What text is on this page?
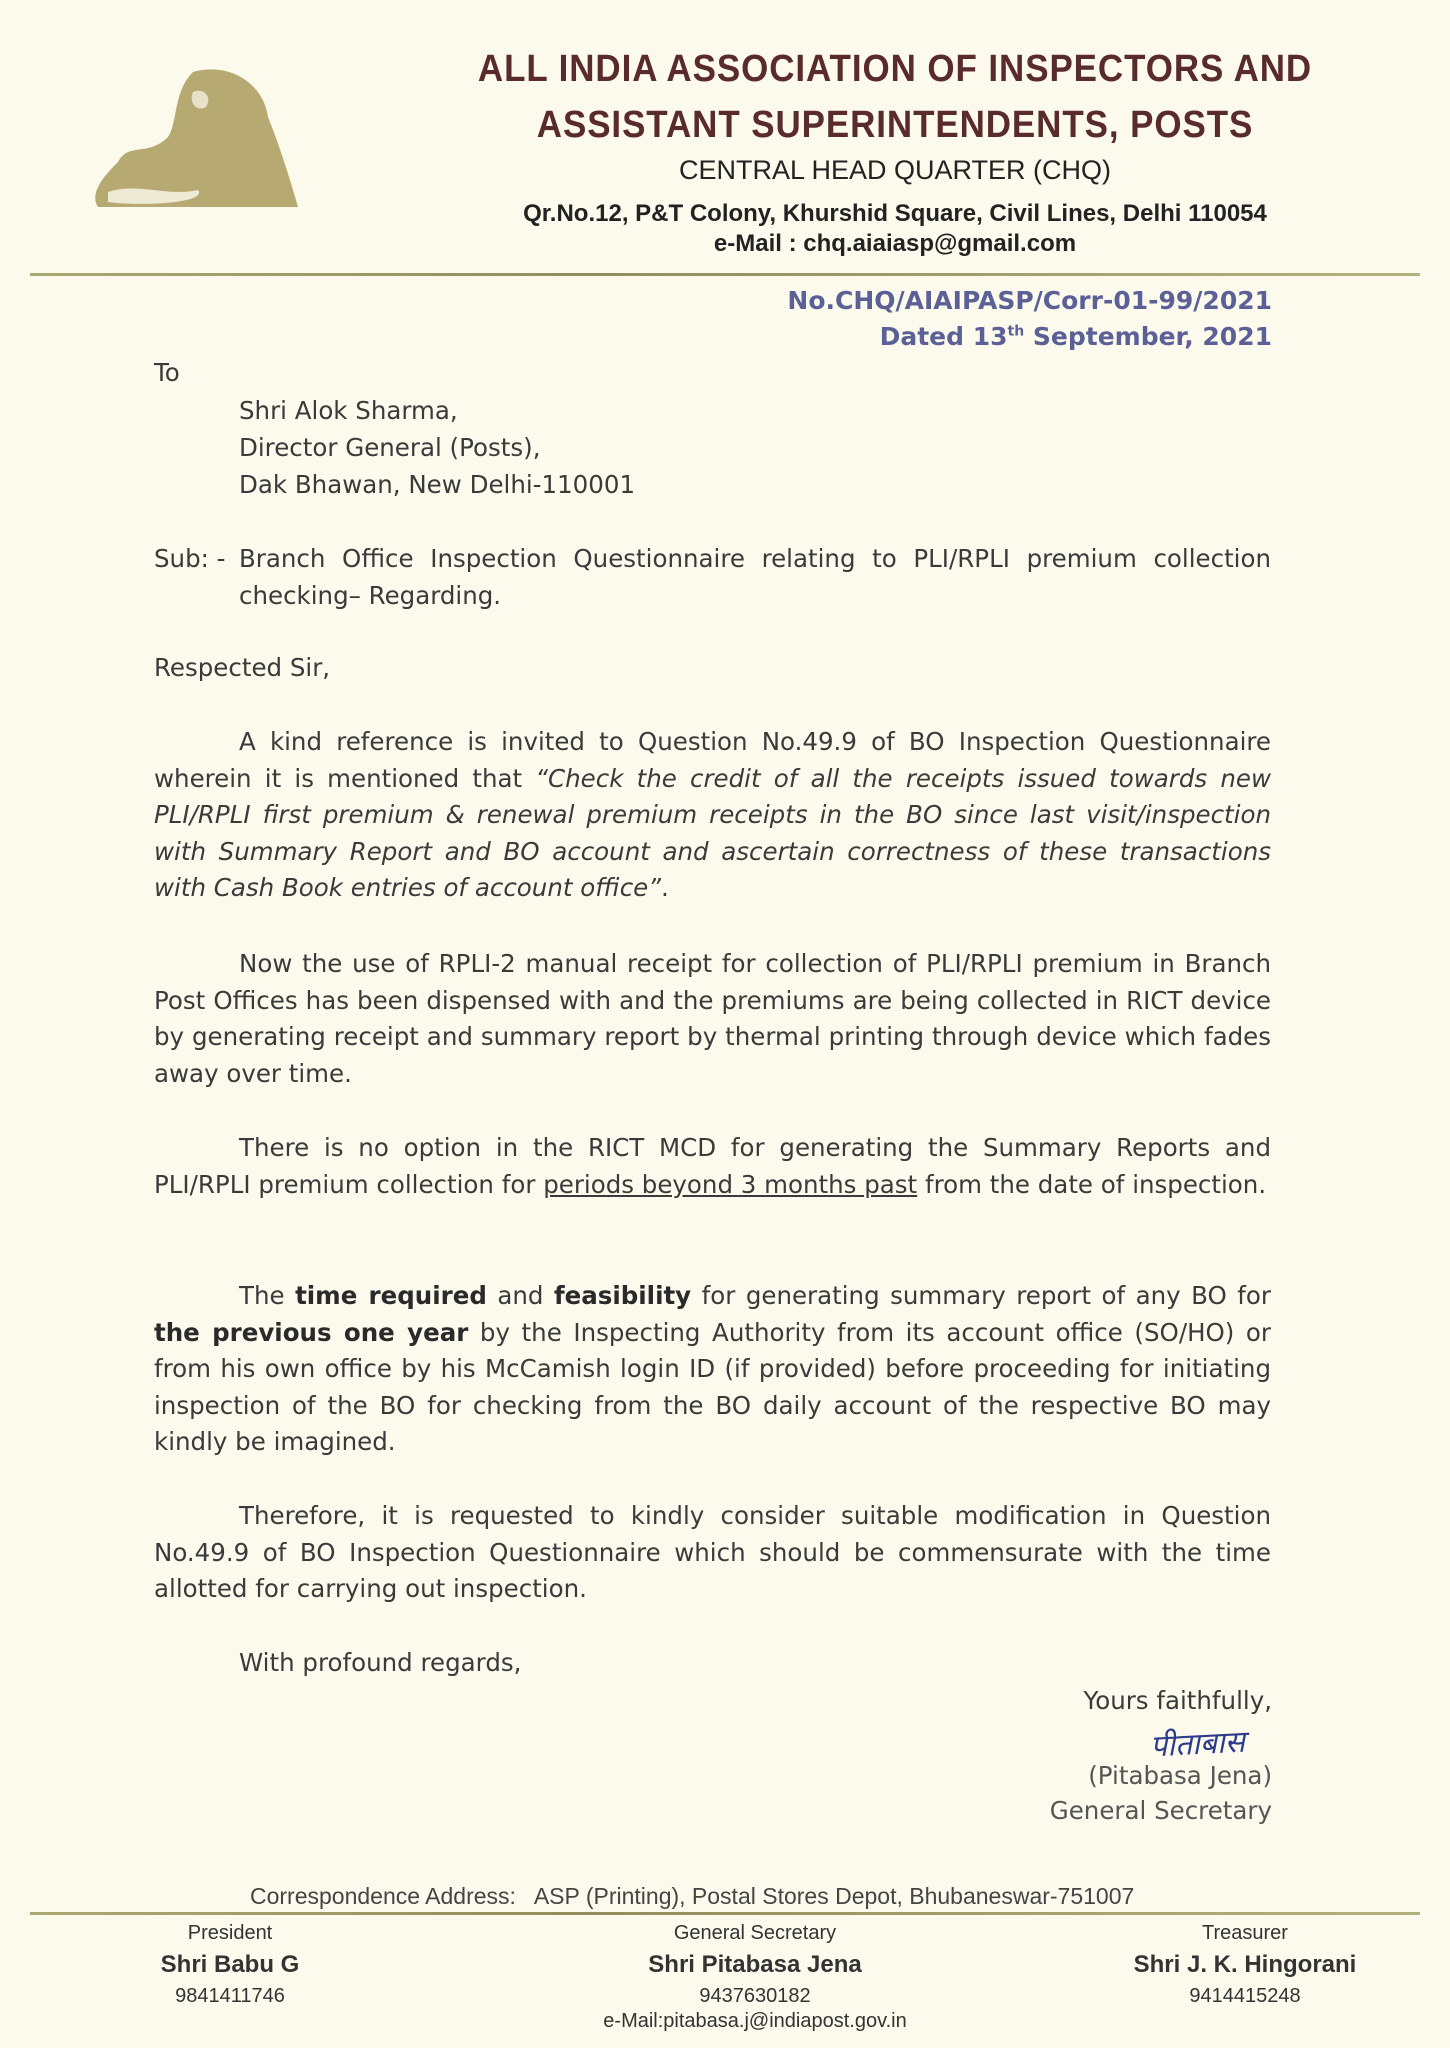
ALL INDIA ASSOCIATION OF INSPECTORS AND
ASSISTANT SUPERINTENDENTS, POSTS
CENTRAL HEAD QUARTER (CHQ)
Qr.No.12, P&T Colony, Khurshid Square, Civil Lines, Delhi 110054
e-Mail : chq.aiaiasp@gmail.com
No.CHQ/AIAIPASP/Corr-01-99/2021
Dated 13th September, 2021
To
Shri Alok Sharma,
Director General (Posts),
Dak Bhawan, New Delhi-110001
Sub: - Branch Office Inspection Questionnaire relating to PLI/RPLI premium collection checking– Regarding.
Respected Sir,
A kind reference is invited to Question No.49.9 of BO Inspection Questionnaire wherein it is mentioned that “Check the credit of all the receipts issued towards new PLI/RPLI first premium & renewal premium receipts in the BO since last visit/inspection with Summary Report and BO account and ascertain correctness of these transactions with Cash Book entries of account office”.
Now the use of RPLI-2 manual receipt for collection of PLI/RPLI premium in Branch Post Offices has been dispensed with and the premiums are being collected in RICT device by generating receipt and summary report by thermal printing through device which fades away over time.
There is no option in the RICT MCD for generating the Summary Reports and PLI/RPLI premium collection for periods beyond 3 months past from the date of inspection.
The time required and feasibility for generating summary report of any BO for the previous one year by the Inspecting Authority from its account office (SO/HO) or from his own office by his McCamish login ID (if provided) before proceeding for initiating inspection of the BO for checking from the BO daily account of the respective BO may kindly be imagined.
Therefore, it is requested to kindly consider suitable modification in Question No.49.9 of BO Inspection Questionnaire which should be commensurate with the time allotted for carrying out inspection.
With profound regards,
Yours faithfully,
पीताबास
(Pitabasa Jena)
General Secretary
Correspondence Address:   ASP (Printing), Postal Stores Depot, Bhubaneswar-751007
President
Shri Babu G
9841411746
General Secretary
Shri Pitabasa Jena
9437630182
e-Mail:pitabasa.j@indiapost.gov.in
Treasurer
Shri J. K. Hingorani
9414415248
